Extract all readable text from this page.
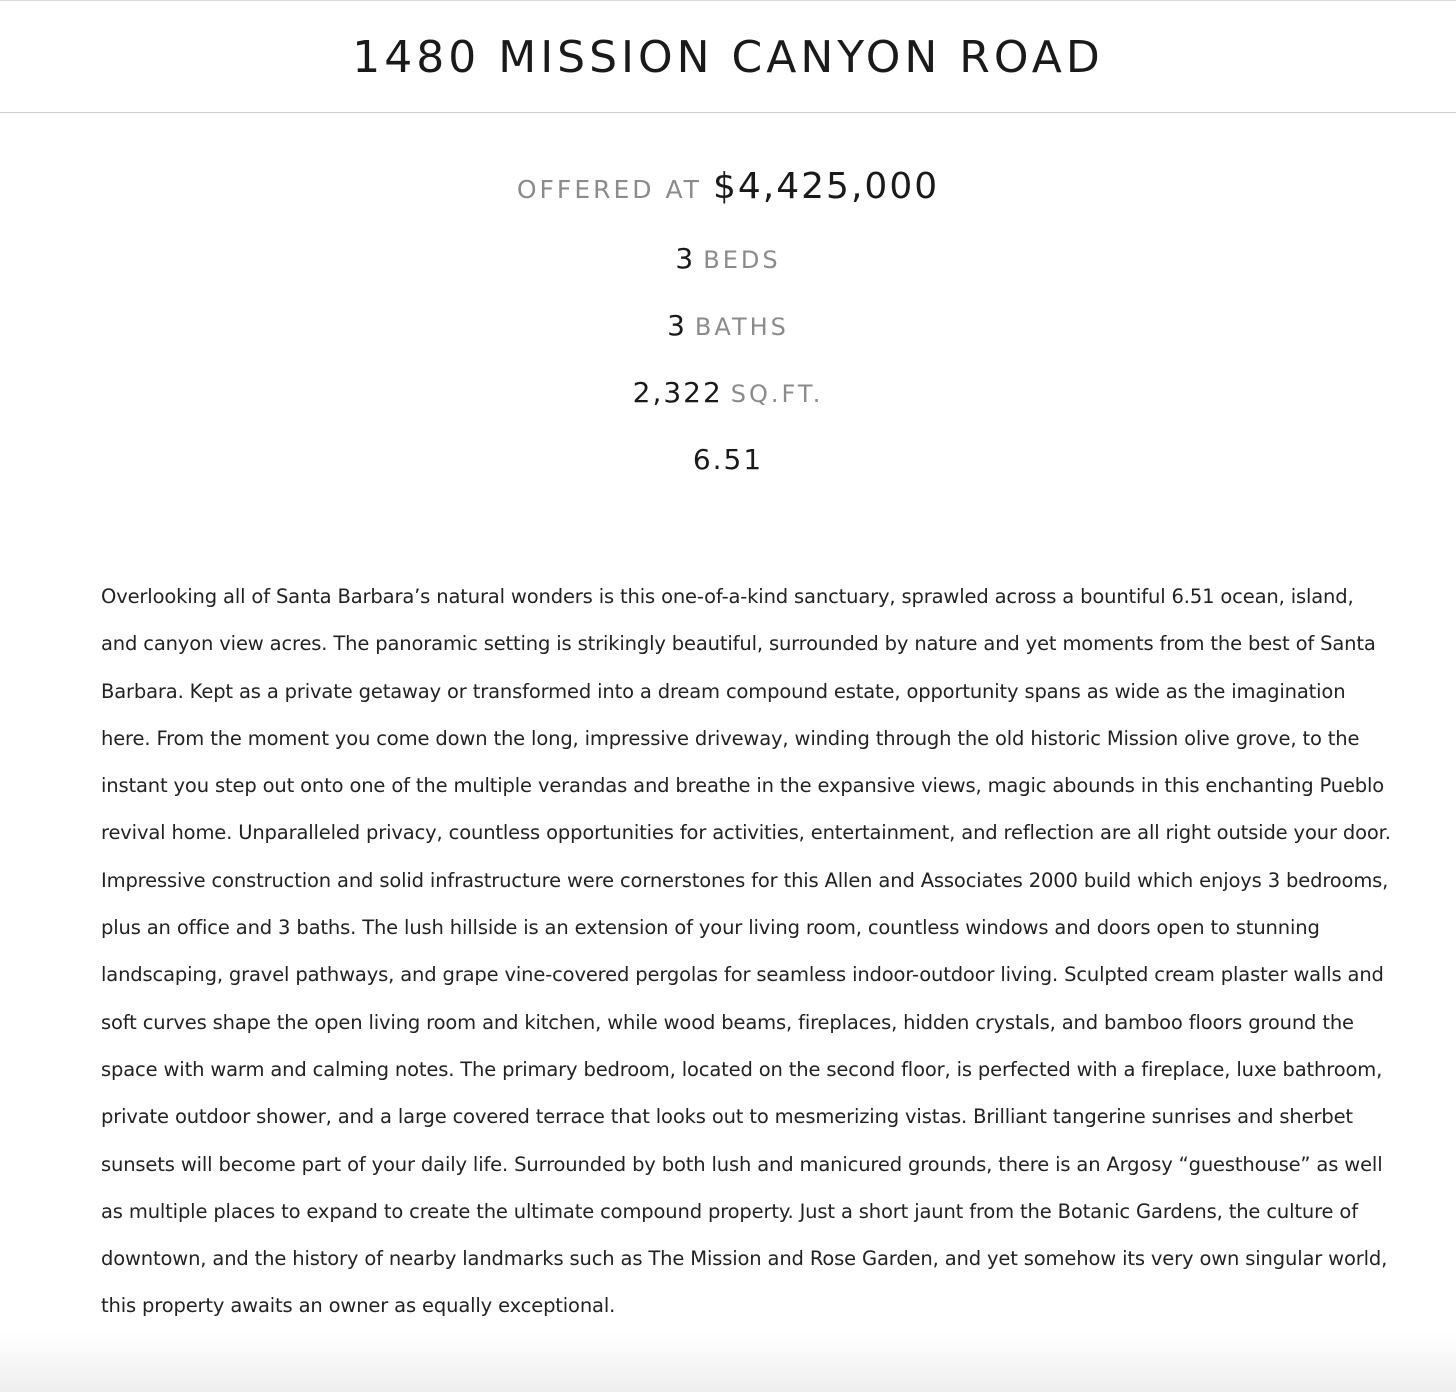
1480 MISSION CANYON ROAD
OFFERED AT $4,425,000
3 BEDS
3 BATHS
2,322 SQ.FT.
6.51

Overlooking all of Santa Barbara’s natural wonders is this one-of-a-kind sanctuary, sprawled across a bountiful 6.51 ocean, island, and canyon view acres. The panoramic setting is strikingly beautiful, surrounded by nature and yet moments from the best of Santa Barbara. Kept as a private getaway or transformed into a dream compound estate, opportunity spans as wide as the imagination here. From the moment you come down the long, impressive driveway, winding through the old historic Mission olive grove, to the instant you step out onto one of the multiple verandas and breathe in the expansive views, magic abounds in this enchanting Pueblo revival home. Unparalleled privacy, countless opportunities for activities, entertainment, and reflection are all right outside your door. Impressive construction and solid infrastructure were cornerstones for this Allen and Associates 2000 build which enjoys 3 bedrooms, plus an office and 3 baths. The lush hillside is an extension of your living room, countless windows and doors open to stunning landscaping, gravel pathways, and grape vine-covered pergolas for seamless indoor-outdoor living. Sculpted cream plaster walls and soft curves shape the open living room and kitchen, while wood beams, fireplaces, hidden crystals, and bamboo floors ground the space with warm and calming notes. The primary bedroom, located on the second floor, is perfected with a fireplace, luxe bathroom, private outdoor shower, and a large covered terrace that looks out to mesmerizing vistas. Brilliant tangerine sunrises and sherbet sunsets will become part of your daily life. Surrounded by both lush and manicured grounds, there is an Argosy “guesthouse” as well as multiple places to expand to create the ultimate compound property. Just a short jaunt from the Botanic Gardens, the culture of downtown, and the history of nearby landmarks such as The Mission and Rose Garden, and yet somehow its very own singular world, this property awaits an owner as equally exceptional.
